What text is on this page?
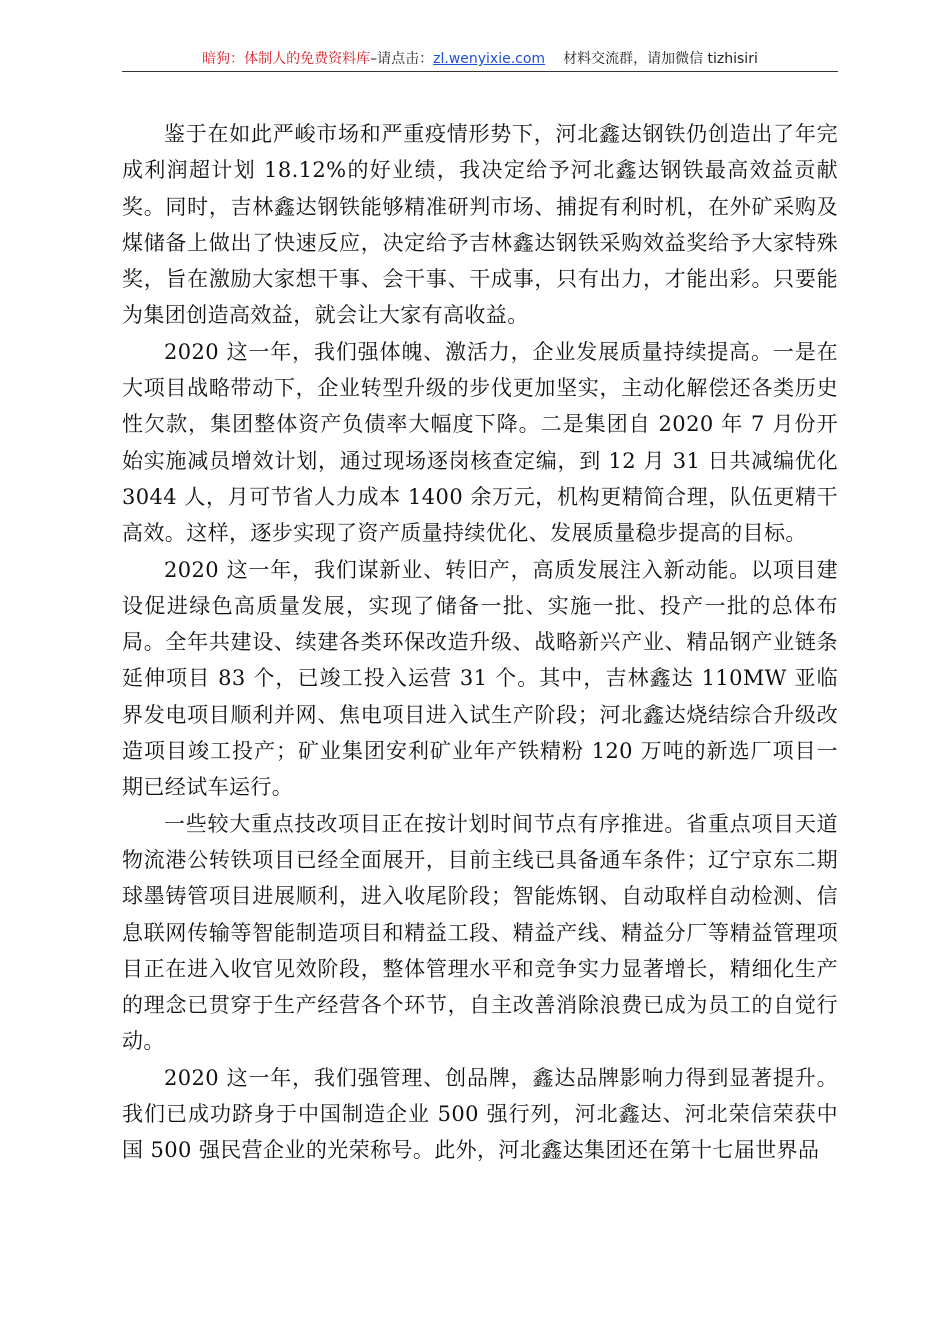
暗狗：体制人的免费资料库–请点击：zl.wenyixie.com 材料交流群，请加微信 tizhisiri

鉴于在如此严峻市场和严重疫情形势下，河北鑫达钢铁仍创造出了年完成利润超计划 18.12%的好业绩，我决定给予河北鑫达钢铁最高效益贡献奖。同时，吉林鑫达钢铁能够精准研判市场、捕捉有利时机，在外矿采购及煤储备上做出了快速反应，决定给予吉林鑫达钢铁采购效益奖给予大家特殊奖，旨在激励大家想干事、会干事、干成事，只有出力，才能出彩。只要能为集团创造高效益，就会让大家有高收益。

2020 这一年，我们强体魄、激活力，企业发展质量持续提高。一是在大项目战略带动下，企业转型升级的步伐更加坚实，主动化解偿还各类历史性欠款，集团整体资产负债率大幅度下降。二是集团自 2020 年 7 月份开始实施减员增效计划，通过现场逐岗核查定编，到 12 月 31 日共减编优化 3044 人，月可节省人力成本 1400 余万元，机构更精简合理，队伍更精干高效。这样，逐步实现了资产质量持续优化、发展质量稳步提高的目标。

2020 这一年，我们谋新业、转旧产，高质发展注入新动能。以项目建设促进绿色高质量发展，实现了储备一批、实施一批、投产一批的总体布局。全年共建设、续建各类环保改造升级、战略新兴产业、精品钢产业链条延伸项目 83 个，已竣工投入运营 31 个。其中，吉林鑫达 110MW 亚临界发电项目顺利并网、焦电项目进入试生产阶段；河北鑫达烧结综合升级改造项目竣工投产；矿业集团安利矿业年产铁精粉 120 万吨的新选厂项目一期已经试车运行。

一些较大重点技改项目正在按计划时间节点有序推进。省重点项目天道物流港公转铁项目已经全面展开，目前主线已具备通车条件；辽宁京东二期球墨铸管项目进展顺利，进入收尾阶段；智能炼钢、自动取样自动检测、信息联网传输等智能制造项目和精益工段、精益产线、精益分厂等精益管理项目正在进入收官见效阶段，整体管理水平和竞争实力显著增长，精细化生产的理念已贯穿于生产经营各个环节，自主改善消除浪费已成为员工的自觉行动。

2020 这一年，我们强管理、创品牌，鑫达品牌影响力得到显著提升。我们已成功跻身于中国制造企业 500 强行列，河北鑫达、河北荣信荣获中国 500 强民营企业的光荣称号。此外，河北鑫达集团还在第十七届世界品
